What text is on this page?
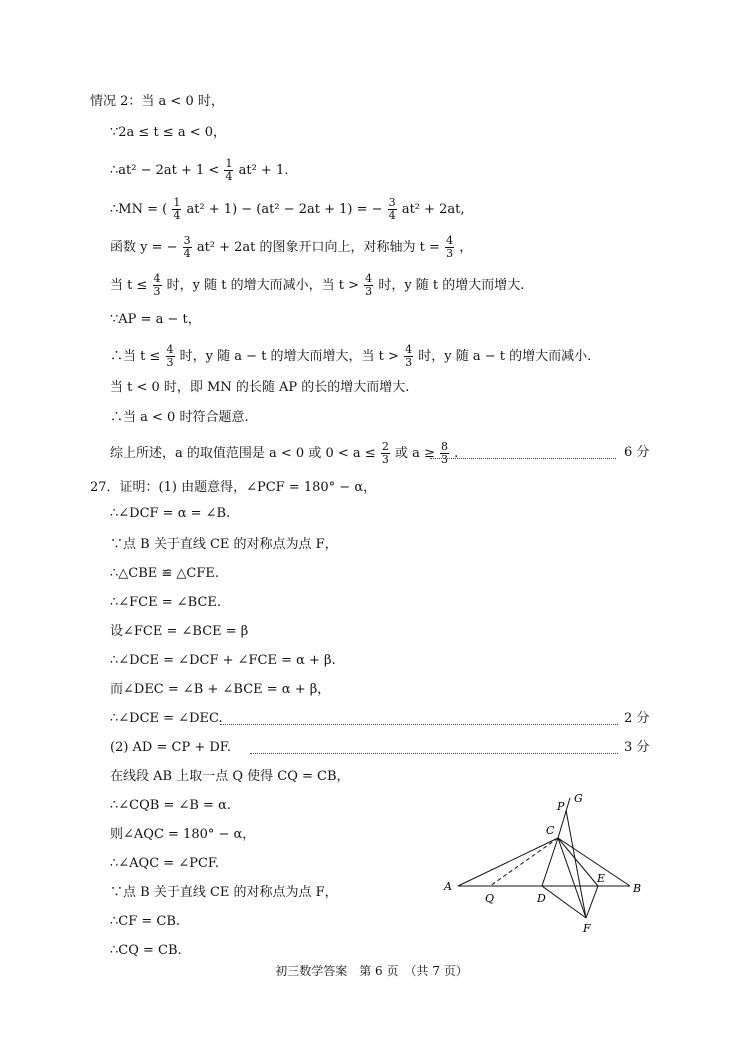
情况 2：当 a < 0 时，
∵2a ≤ t ≤ a < 0，
∴at² − $2at + 1 < \frac{1}{4} at^2 + 1$.
∴MN = ( $\frac{1}{4} at^2 + 1) - (at^2 - 2at + 1)$ = − $\frac{3}{4} at^2 + 2at$,
函数 y = − $\frac{3}{4} at^2 + 2at$ 的图象开口向上，对称轴为 $t = \frac{4}{3}$ ，
当 $t \le \frac{4}{3}$ 时，y 随 t 的增大而减小，当 $t > \frac{4}{3}$ 时，y 随 t 的增大而增大.
∵AP = a − t，
∴当 $t \le \frac{4}{3}$ 时，y 随 a − t 的增大而增大，当 $t > \frac{4}{3}$ 时，y 随 a − t 的增大而减小.
当 t < 0 时，即 MN 的长随 AP 的长的增大而增大.
∴当 a < 0 时符合题意.
综上所述，a 的取值范围是 a < 0 或 $0 < a \le \frac{2}{3}$ 或 $a \ge \frac{8}{3}$ .	6 分
27．证明：(1) 由题意得，∠PCF = 180° − α，
∴∠DCF = α = ∠B.
∵点 B 关于直线 CE 的对称点为点 F，
∴△CBE ≌ △CFE.
∴∠FCE = ∠BCE.
设∠FCE = ∠BCE = β
∴∠DCE = ∠DCF + ∠FCE = α + β.
而∠DEC = ∠B + ∠BCE = α + β，
∴∠DCE = ∠DEC.	2 分
(2) AD = CP + DF.	3 分
在线段 AB 上取一点 Q 使得 CQ = CB，
∴∠CQB = ∠B = α.
则∠AQC = 180° − α，
∴∠AQC = ∠PCF.
∵点 B 关于直线 CE 的对称点为点 F，
∴CF = CB.
∴CQ = CB.
A	B
C
D
E
F
G
P
Q
初三数学答案　第 6 页　（共 7 页）
